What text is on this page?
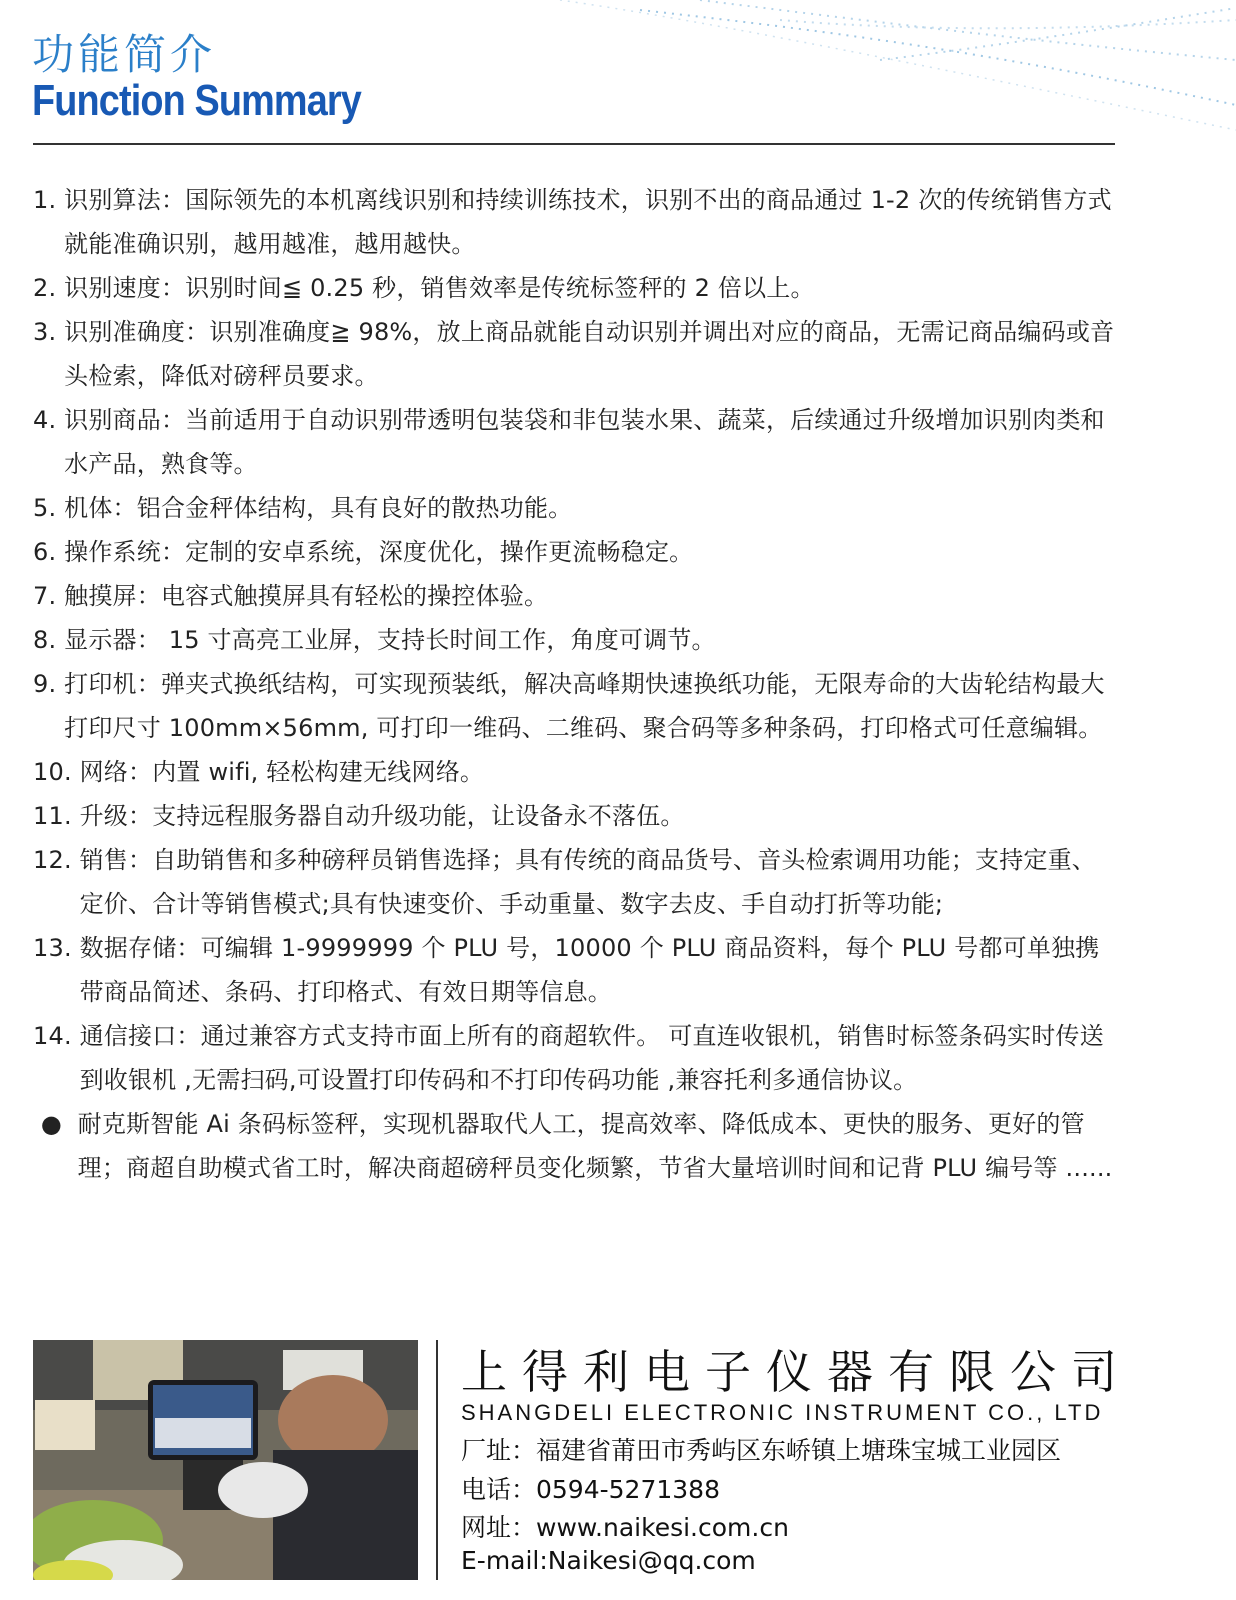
功能简介
Function Summary
1. 识别算法：国际领先的本机离线识别和持续训练技术，识别不出的商品通过 1-2 次的传统销售方式就能准确识别，越用越准，越用越快。
2. 识别速度：识别时间≦ 0.25 秒，销售效率是传统标签秤的 2 倍以上。
3. 识别准确度：识别准确度≧ 98%，放上商品就能自动识别并调出对应的商品，无需记商品编码或音头检索，降低对磅秤员要求。
4. 识别商品：当前适用于自动识别带透明包装袋和非包装水果、蔬菜，后续通过升级增加识别肉类和水产品，熟食等。
5. 机体：铝合金秤体结构，具有良好的散热功能。
6. 操作系统：定制的安卓系统，深度优化，操作更流畅稳定。
7. 触摸屏：电容式触摸屏具有轻松的操控体验。
8. 显示器： 15 寸高亮工业屏，支持长时间工作，角度可调节。
9. 打印机：弹夹式换纸结构，可实现预装纸，解决高峰期快速换纸功能，无限寿命的大齿轮结构最大打印尺寸 100mm×56mm, 可打印一维码、二维码、聚合码等多种条码，打印格式可任意编辑。
10. 网络：内置 wifi, 轻松构建无线网络。
11. 升级：支持远程服务器自动升级功能，让设备永不落伍。
12. 销售：自助销售和多种磅秤员销售选择；具有传统的商品货号、音头检索调用功能；支持定重、定价、合计等销售模式;具有快速变价、手动重量、数字去皮、手自动打折等功能;
13. 数据存储：可编辑 1-9999999 个 PLU 号，10000 个 PLU 商品资料，每个 PLU 号都可单独携带商品简述、条码、打印格式、有效日期等信息。
14. 通信接口：通过兼容方式支持市面上所有的商超软件。 可直连收银机，销售时标签条码实时传送到收银机 ,无需扫码,可设置打印传码和不打印传码功能 ,兼容托利多通信协议。
● 耐克斯智能 Ai 条码标签秤，实现机器取代人工，提高效率、降低成本、更快的服务、更好的管理；商超自助模式省工时，解决商超磅秤员变化频繁，节省大量培训时间和记背 PLU 编号等 ......
上得利电子仪器有限公司
SHANGDELI ELECTRONIC INSTRUMENT CO., LTD
厂址：福建省莆田市秀屿区东峤镇上塘珠宝城工业园区
电话：0594-5271388
网址：www.naikesi.com.cn
E-mail:Naikesi@qq.com
